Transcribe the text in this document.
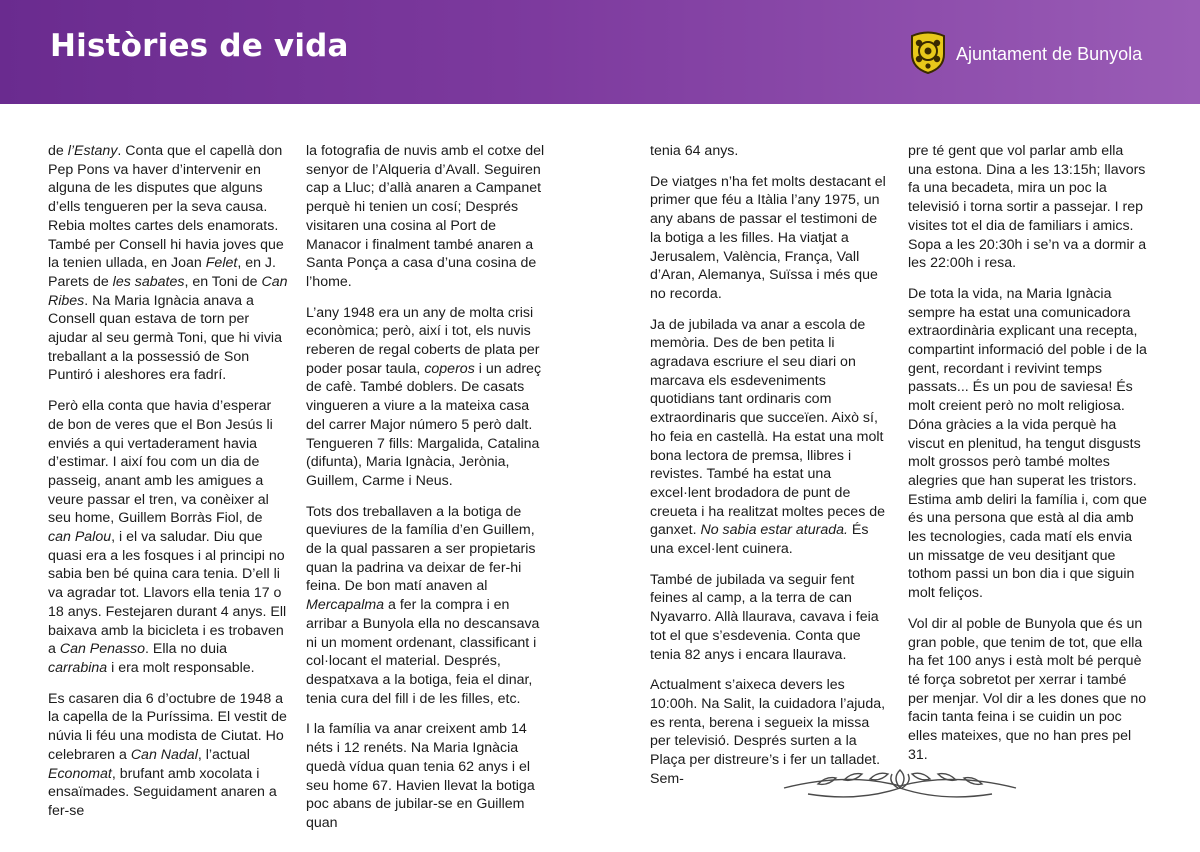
Històries de vida	Ajuntament de Bunyola

de l’Estany. Conta que el capellà don Pep Pons va haver d’intervenir en alguna de les disputes que alguns d’ells tengueren per la seva causa. Rebia moltes cartes dels enamorats. També per Consell hi havia joves que la tenien ullada, en Joan Felet, en J. Parets de les sabates, en Toni de Can Ribes. Na Maria Ignàcia anava a Consell quan estava de torn per ajudar al seu germà Toni, que hi vivia treballant a la possessió de Son Puntiró i aleshores era fadrí.

Però ella conta que havia d’esperar de bon de veres que el Bon Jesús li enviés a qui vertaderament havia d’estimar. I així fou com un dia de passeig, anant amb les amigues a veure passar el tren, va conèixer al seu home, Guillem Borràs Fiol, de can Palou, i el va saludar. Diu que quasi era a les fosques i al principi no sabia ben bé quina cara tenia. D’ell li va agradar tot. Llavors ella tenia 17 o 18 anys. Festejaren durant 4 anys. Ell baixava amb la bicicleta i es trobaven a Can Penasso. Ella no duia carrabina i era molt responsable.

Es casaren dia 6 d’octubre de 1948 a la capella de la Puríssima. El vestit de núvia li féu una modista de Ciutat. Ho celebraren a Can Nadal, l’actual Economat, brufant amb xocolata i ensaïmades. Seguidament anaren a fer-se

la fotografia de nuvis amb el cotxe del senyor de l’Alqueria d’Avall. Seguiren cap a Lluc; d’allà anaren a Campanet perquè hi tenien un cosí; Després visitaren una cosina al Port de Manacor i finalment també anaren a Santa Ponça a casa d’una cosina de l’home.

L’any 1948 era un any de molta crisi econòmica; però, així i tot, els nuvis reberen de regal coberts de plata per poder posar taula, coperos i un adreç de cafè. També doblers. De casats vingueren a viure a la mateixa casa del carrer Major número 5 però dalt. Tengueren 7 fills: Margalida, Catalina (difunta), Maria Ignàcia, Jerònia, Guillem, Carme i Neus.

Tots dos treballaven a la botiga de queviures de la família d’en Guillem, de la qual passaren a ser propietaris quan la padrina va deixar de fer-hi feina. De bon matí anaven al Mercapalma a fer la compra i en arribar a Bunyola ella no descansava ni un moment ordenant, classificant i col·locant el material. Després, despatxava a la botiga, feia el dinar, tenia cura del fill i de les filles, etc.

I la família va anar creixent amb 14 néts i 12 renéts. Na Maria Ignàcia quedà vídua quan tenia 62 anys i el seu home 67. Havien llevat la botiga poc abans de jubilar-se en Guillem quan

tenia 64 anys.

De viatges n’ha fet molts destacant el primer que féu a Itàlia l’any 1975, un any abans de passar el testimoni de la botiga a les filles. Ha viatjat a Jerusalem, València, França, Vall d’Aran, Alemanya, Suïssa i més que no recorda.

Ja de jubilada va anar a escola de memòria. Des de ben petita li agradava escriure el seu diari on marcava els esdeveniments quotidians tant ordinaris com extraordinaris que succeïen. Això sí, ho feia en castellà. Ha estat una molt bona lectora de premsa, llibres i revistes. També ha estat una excel·lent brodadora de punt de creueta i ha realitzat moltes peces de ganxet. No sabia estar aturada. És una excel·lent cuinera.

També de jubilada va seguir fent feines al camp, a la terra de can Nyavarro. Allà llaurava, cavava i feia tot el que s’esdevenia. Conta que tenia 82 anys i encara llaurava.

Actualment s’aixeca devers les 10:00h. Na Salit, la cuidadora l’ajuda, es renta, berena i segueix la missa per televisió. Després surten a la Plaça per distreure’s i fer un talladet. Sem-

pre té gent que vol parlar amb ella una estona. Dina a les 13:15h; llavors fa una becadeta, mira un poc la televisió i torna sortir a passejar. I rep visites tot el dia de familiars i amics. Sopa a les 20:30h i se’n va a dormir a les 22:00h i resa.

De tota la vida, na Maria Ignàcia sempre ha estat una comunicadora extraordinària explicant una recepta, compartint informació del poble i de la gent, recordant i revivint temps passats... És un pou de saviesa! És molt creient però no molt religiosa. Dóna gràcies a la vida perquè ha viscut en plenitud, ha tengut disgusts molt grossos però també moltes alegries que han superat les tristors. Estima amb deliri la família i, com que és una persona que està al dia amb les tecnologies, cada matí els envia un missatge de veu desitjant que tothom passi un bon dia i que siguin molt feliços.

Vol dir al poble de Bunyola que és un gran poble, que tenim de tot, que ella ha fet 100 anys i està molt bé perquè té força sobretot per xerrar i també per menjar. Vol dir a les dones que no facin tanta feina i se cuidin un poc elles mateixes, que no han pres pel 31.
